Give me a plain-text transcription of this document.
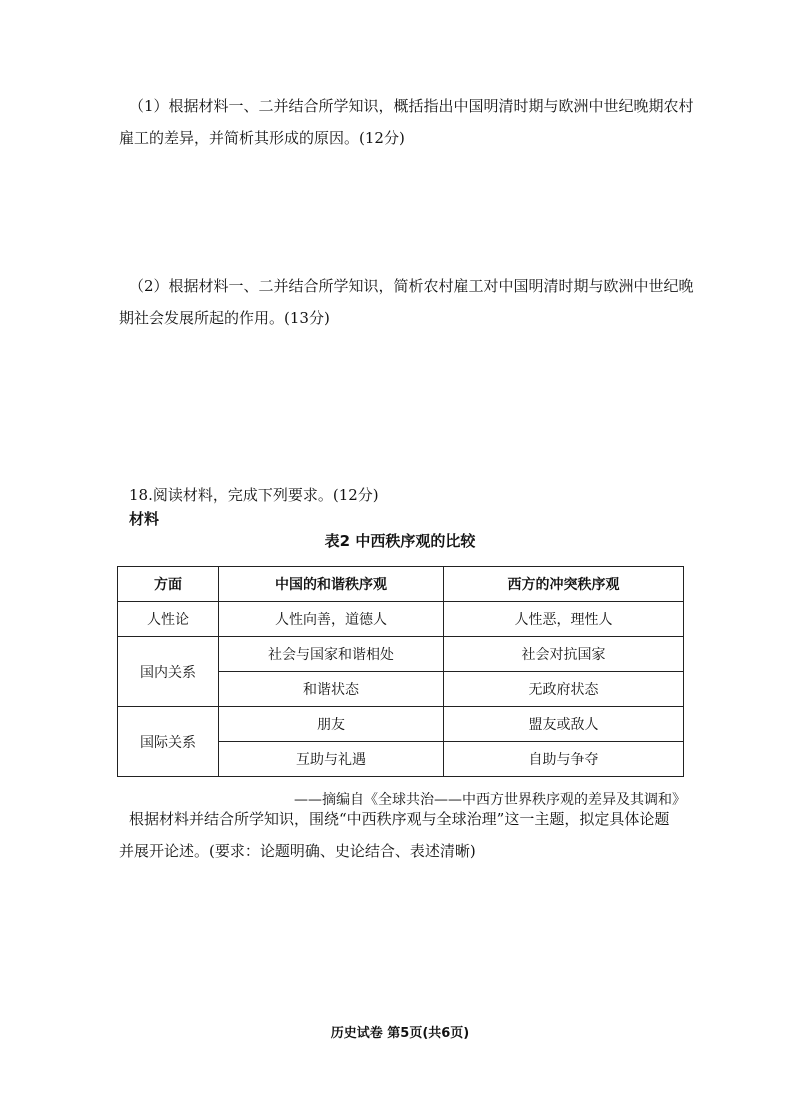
（1）根据材料一、二并结合所学知识，概括指出中国明清时期与欧洲中世纪晚期农村
雇工的差异，并简析其形成的原因。(12分)
（2）根据材料一、二并结合所学知识，简析农村雇工对中国明清时期与欧洲中世纪晚
期社会发展所起的作用。(13分)

18.阅读材料，完成下列要求。(12分)

材料

表2 中西秩序观的比较
方面	中国的和谐秩序观	西方的冲突秩序观
人性论	人性向善，道德人	人性恶，理性人
国内关系	社会与国家和谐相处	社会对抗国家
	和谐状态	无政府状态
国际关系	朋友	盟友或敌人
	互助与礼遇	自助与争夺
——摘编自《全球共治——中西方世界秩序观的差异及其调和》
根据材料并结合所学知识，围绕“中西秩序观与全球治理”这一主题，拟定具体论题
并展开论述。(要求：论题明确、史论结合、表述清晰)
历史试卷 第5页(共6页)
